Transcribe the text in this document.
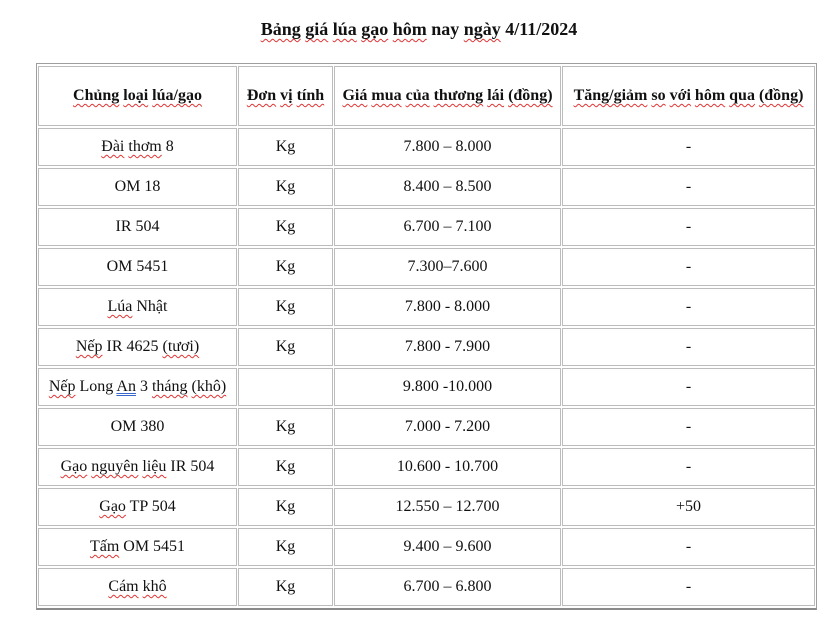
Bảng giá lúa gạo hôm nay ngày 4/11/2024
Chủng loại lúa/gạo	Đơn vị tính	Giá mua của thương lái (đồng)	Tăng/giảm so với hôm qua (đồng)
Đài thơm 8	Kg	7.800 – 8.000	-
OM 18	Kg	8.400 – 8.500	-
IR 504	Kg	6.700 – 7.100	-
OM 5451	Kg	7.300–7.600	-
Lúa Nhật	Kg	7.800 - 8.000	-
Nếp IR 4625 (tươi)	Kg	7.800 - 7.900	-
Nếp Long An 3 tháng (khô)		9.800 -10.000	-
OM 380	Kg	7.000 - 7.200	-
Gạo nguyên liệu IR 504	Kg	10.600 - 10.700	-
Gạo TP 504	Kg	12.550 – 12.700	+50
Tấm OM 5451	Kg	9.400 – 9.600	-
Cám khô	Kg	6.700 – 6.800	-
